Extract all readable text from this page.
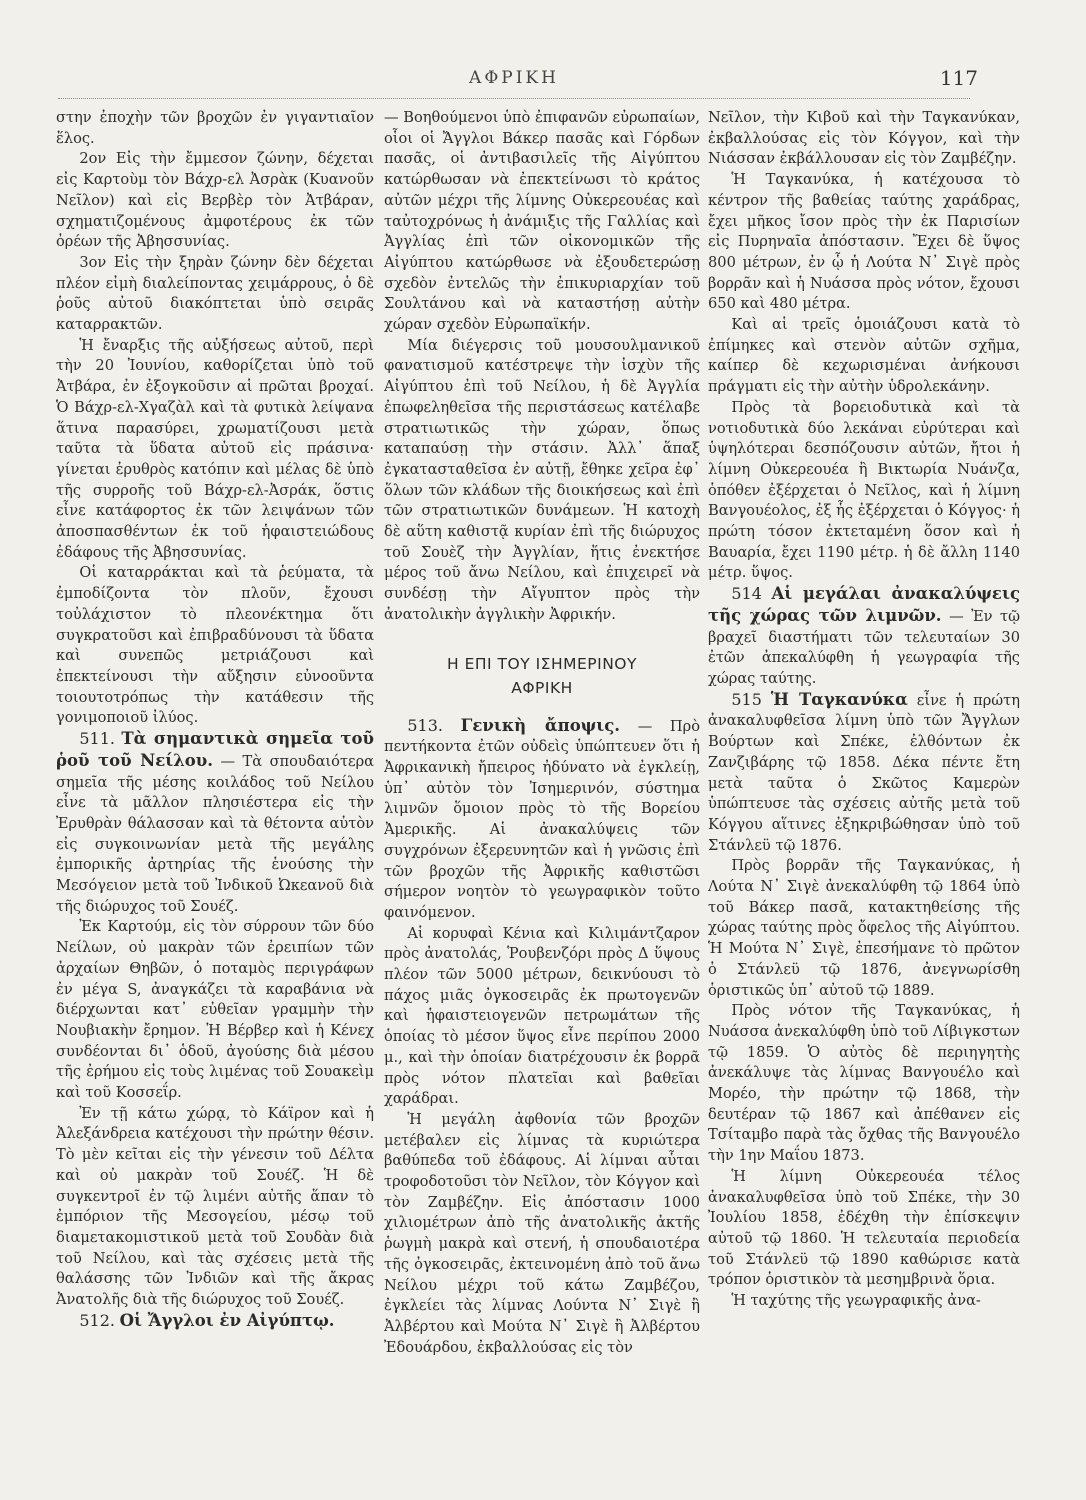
ΑΦΡΙΚΗ	117

στην ἐποχὴν τῶν βροχῶν ἐν γιγαντιαῖον ἕλος.

2ον Εἰς τὴν ἔμμεσον ζώνην, δέχεται εἰς Καρτοὺμ τὸν Βάχρ-ελ Ἀσρὰκ (Κυανοῦν Νεῖλον) καὶ εἰς Βερβὲρ τὸν Ἀτβάραν, σχηματιζομένους ἀμφοτέρους ἐκ τῶν ὀρέων τῆς Ἀβησσυνίας.

3ον Εἰς τὴν ξηρὰν ζώνην δὲν δέχεται πλέον εἰμὴ διαλείποντας χειμάρρους, ὁ δὲ ῥοῦς αὐτοῦ διακόπτεται ὑπὸ σειρᾶς καταρρακτῶν.

Ἡ ἔναρξις τῆς αὐξήσεως αὐτοῦ, περὶ τὴν 20 Ἰουνίου, καθορίζεται ὑπὸ τοῦ Ἀτβάρα, ἐν ἐξογκοῦσιν αἱ πρῶται βροχαί. Ὁ Βάχρ-ελ-Χγαζὰλ καὶ τὰ φυτικὰ λείψανα ἅτινα παρασύρει, χρωματίζουσι μετὰ ταῦτα τὰ ὕδατα αὐτοῦ εἰς πράσινα· γίνεται ἐρυθρὸς κατόπιν καὶ μέλας δὲ ὑπὸ τῆς συρροῆς τοῦ Βάχρ-ελ-Ἀσράκ, ὅστις εἶνε κατάφορτος ἐκ τῶν λειψάνων τῶν ἀποσπασθέντων ἐκ τοῦ ἡφαιστειώδους ἐδάφους τῆς Ἀβησσυνίας.

Οἱ καταρράκται καὶ τὰ ῥεύματα, τὰ ἐμποδίζοντα τὸν πλοῦν, ἔχουσι τοὐλάχιστον τὸ πλεονέκτημα ὅτι συγκρατοῦσι καὶ ἐπιβραδύνουσι τὰ ὕδατα καὶ συνεπῶς μετριάζουσι καὶ ἐπεκτείνουσι τὴν αὔξησιν εὐνοοῦντα τοιουτοτρόπως τὴν κατάθεσιν τῆς γονιμοποιοῦ ἰλύος.

511. Τὰ σημαντικὰ σημεῖα τοῦ ῥοῦ τοῦ Νείλου. — Τὰ σπουδαιότερα σημεῖα τῆς μέσης κοιλάδος τοῦ Νείλου εἶνε τὰ μᾶλλον πλησιέστερα εἰς τὴν Ἐρυθρὰν θάλασσαν καὶ τὰ θέτοντα αὐτὸν εἰς συγκοινωνίαν μετὰ τῆς μεγάλης ἐμπορικῆς ἀρτηρίας τῆς ἑνούσης τὴν Μεσόγειον μετὰ τοῦ Ἰνδικοῦ Ὠκεανοῦ διὰ τῆς διώρυχος τοῦ Σουέζ.

Ἐκ Καρτούμ, εἰς τὸν σύρρουν τῶν δύο Νείλων, οὐ μακρὰν τῶν ἐρειπίων τῶν ἀρχαίων Θηβῶν, ὁ ποταμὸς περιγράφων ἐν μέγα S, ἀναγκάζει τὰ καραβάνια νὰ διέρχωνται κατ᾽ εὐθεῖαν γραμμὴν τὴν Νουβιακὴν ἔρημον. Ἡ Βέρβερ καὶ ἡ Κένεχ συνδέονται δι᾽ ὁδοῦ, ἀγούσης διὰ μέσου τῆς ἐρήμου εἰς τοὺς λιμένας τοῦ Σουακεὶμ καὶ τοῦ Κοσσεΐρ.

Ἐν τῇ κάτω χώρᾳ, τὸ Κάϊρον καὶ ἡ Ἀλεξάνδρεια κατέχουσι τὴν πρώτην θέσιν. Τὸ μὲν κεῖται εἰς τὴν γένεσιν τοῦ Δέλτα καὶ οὐ μακρὰν τοῦ Σουέζ. Ἡ δὲ συγκεντροῖ ἐν τῷ λιμένι αὐτῆς ἅπαν τὸ ἐμπόριον τῆς Μεσογείου, μέσῳ τοῦ διαμετακομιστικοῦ μετὰ τοῦ Σουδὰν διὰ τοῦ Νείλου, καὶ τὰς σχέσεις μετὰ τῆς θαλάσσης τῶν Ἰνδιῶν καὶ τῆς ἄκρας Ἀνατολῆς διὰ τῆς διώρυχος τοῦ Σουέζ.

512. Οἱ Ἄγγλοι ἐν Αἰγύπτῳ.

— Βοηθούμενοι ὑπὸ ἐπιφανῶν εὐρωπαίων, οἷοι οἱ Ἄγγλοι Βάκερ πασᾶς καὶ Γόρδων πασᾶς, οἱ ἀντιβασιλεῖς τῆς Αἰγύπτου κατώρθωσαν νὰ ἐπεκτείνωσι τὸ κράτος αὐτῶν μέχρι τῆς λίμνης Οὐκερεουέας καὶ ταὐτοχρόνως ἡ ἀνάμιξις τῆς Γαλλίας καὶ Ἀγγλίας ἐπὶ τῶν οἰκονομικῶν τῆς Αἰγύπτου κατώρθωσε νὰ ἐξουδετερώσῃ σχεδὸν ἐντελῶς τὴν ἐπικυριαρχίαν τοῦ Σουλτάνου καὶ νὰ καταστήσῃ αὐτὴν χώραν σχεδὸν Εὐρωπαϊκήν.

Μία διέγερσις τοῦ μουσουλμανικοῦ φανατισμοῦ κατέστρεψε τὴν ἰσχὺν τῆς Αἰγύπτου ἐπὶ τοῦ Νείλου, ἡ δὲ Ἀγγλία ἐπωφεληθεῖσα τῆς περιστάσεως κατέλαβε στρατιωτικῶς τὴν χώραν, ὅπως καταπαύσῃ τὴν στάσιν. Ἀλλ᾽ ἅπαξ ἐγκατασταθεῖσα ἐν αὐτῇ, ἔθηκε χεῖρα ἐφ᾽ ὅλων τῶν κλάδων τῆς διοικήσεως καὶ ἐπὶ τῶν στρατιωτικῶν δυνάμεων. Ἡ κατοχὴ δὲ αὕτη καθιστᾷ κυρίαν ἐπὶ τῆς διώρυχος τοῦ Σουὲζ τὴν Ἀγγλίαν, ἥτις ἐνεκτήσε μέρος τοῦ ἄνω Νείλου, καὶ ἐπιχειρεῖ νὰ συνδέσῃ τὴν Αἴγυπτον πρὸς τὴν ἀνατολικὴν ἀγγλικὴν Ἀφρικήν.

Η ΕΠΙ ΤΟΥ ΙΣΗΜΕΡΙΝΟΥ
ΑΦΡΙΚΗ

513. Γενικὴ ἄποψις. — Πρὸ πεντήκοντα ἐτῶν οὐδεὶς ὑπώπτευεν ὅτι ἡ Ἀφρικανικὴ ἤπειρος ἠδύνατο νὰ ἐγκλείῃ, ὑπ᾽ αὐτὸν τὸν Ἰσημερινόν, σύστημα λιμνῶν ὅμοιον πρὸς τὸ τῆς Βορείου Ἀμερικῆς. Αἱ ἀνακαλύψεις τῶν συγχρόνων ἐξερευνητῶν καὶ ἡ γνῶσις ἐπὶ τῶν βροχῶν τῆς Ἀφρικῆς καθιστῶσι σήμερον νοητὸν τὸ γεωγραφικὸν τοῦτο φαινόμενον.

Αἱ κορυφαὶ Κένια καὶ Κιλιμάντζαρον πρὸς ἀνατολάς, Ῥουβενζόρι πρὸς Δ ὕψους πλέον τῶν 5000 μέτρων, δεικνύουσι τὸ πάχος μιᾶς ὀγκοσειρᾶς ἐκ πρωτογενῶν καὶ ἡφαιστειογενῶν πετρωμάτων τῆς ὁποίας τὸ μέσον ὕψος εἶνε περίπου 2000 μ., καὶ τὴν ὁποίαν διατρέχουσιν ἐκ βορρᾶ πρὸς νότον πλατεῖαι καὶ βαθεῖαι χαράδραι.

Ἡ μεγάλη ἀφθονία τῶν βροχῶν μετέβαλεν εἰς λίμνας τὰ κυριώτερα βαθύπεδα τοῦ ἐδάφους. Αἱ λίμναι αὗται τροφοδοτοῦσι τὸν Νεῖλον, τὸν Κόγγον καὶ τὸν Ζαμβέζην. Εἰς ἀπόστασιν 1000 χιλιομέτρων ἀπὸ τῆς ἀνατολικῆς ἀκτῆς ῥωγμὴ μακρὰ καὶ στενή, ἡ σπουδαιοτέρα τῆς ὀγκοσειρᾶς, ἐκτεινομένη ἀπὸ τοῦ ἄνω Νείλου μέχρι τοῦ κάτω Ζαμβέζου, ἐγκλείει τὰς λίμνας Λούντα Ν᾽ Σιγὲ ἢ Ἀλβέρτου καὶ Μούτα Ν᾽ Σιγὲ ἢ Ἀλβέρτου Ἐδουάρδου, ἐκβαλλούσας εἰς τὸν

Νεῖλον, τὴν Κιβοῦ καὶ τὴν Ταγκανύκαν, ἐκβαλλούσας εἰς τὸν Κόγγον, καὶ τὴν Νιάσσαν ἐκβάλλουσαν εἰς τὸν Ζαμβέζην.

Ἡ Ταγκανύκα, ἡ κατέχουσα τὸ κέντρον τῆς βαθείας ταύτης χαράδρας, ἔχει μῆκος ἴσον πρὸς τὴν ἐκ Παρισίων εἰς Πυρηναῖα ἀπόστασιν. Ἔχει δὲ ὕψος 800 μέτρων, ἐν ᾧ ἡ Λούτα Ν᾽ Σιγὲ πρὸς βορρᾶν καὶ ἡ Νυάσσα πρὸς νότον, ἔχουσι 650 καὶ 480 μέτρα.

Καὶ αἱ τρεῖς ὁμοιάζουσι κατὰ τὸ ἐπίμηκες καὶ στενὸν αὐτῶν σχῆμα, καίπερ δὲ κεχωρισμέναι ἀνήκουσι πράγματι εἰς τὴν αὐτὴν ὑδρολεκάνην.

Πρὸς τὰ βορειοδυτικὰ καὶ τὰ νοτιοδυτικὰ δύο λεκάναι εὐρύτεραι καὶ ὑψηλότεραι δεσπόζουσιν αὐτῶν, ἤτοι ἡ λίμνη Οὐκερεουέα ἢ Βικτωρία Νυάνζα, ὁπόθεν ἐξέρχεται ὁ Νεῖλος, καὶ ἡ λίμνη Βανγουέολος, ἐξ ἧς ἐξέρχεται ὁ Κόγγος· ἡ πρώτη τόσον ἐκτεταμένη ὅσον καὶ ἡ Βαυαρία, ἔχει 1190 μέτρ. ἡ δὲ ἄλλη 1140 μέτρ. ὕψος.

514 Αἱ μεγάλαι ἀνακαλύψεις τῆς χώρας τῶν λιμνῶν. — Ἐν τῷ βραχεῖ διαστήματι τῶν τελευταίων 30 ἐτῶν ἀπεκαλύφθη ἡ γεωγραφία τῆς χώρας ταύτης.

515 Ἡ Ταγκανύκα εἶνε ἡ πρώτη ἀνακαλυφθεῖσα λίμνη ὑπὸ τῶν Ἄγγλων Βούρτων καὶ Σπέκε, ἐλθόντων ἐκ Ζανζιβάρης τῷ 1858. Δέκα πέντε ἔτη μετὰ ταῦτα ὁ Σκῶτος Καμερὼν ὑπώπτευσε τὰς σχέσεις αὐτῆς μετὰ τοῦ Κόγγου αἵτινες ἐξηκριβώθησαν ὑπὸ τοῦ Στάνλεϋ τῷ 1876.

Πρὸς βορρᾶν τῆς Ταγκανύκας, ἡ Λούτα Ν᾽ Σιγὲ ἀνεκαλύφθη τῷ 1864 ὑπὸ τοῦ Βάκερ πασᾶ, κατακτηθείσης τῆς χώρας ταύτης πρὸς ὄφελος τῆς Αἰγύπτου. Ἡ Μούτα Ν᾽ Σιγὲ, ἐπεσήμανε τὸ πρῶτον ὁ Στάνλεϋ τῷ 1876, ἀνεγνωρίσθη ὁριστικῶς ὑπ᾽ αὐτοῦ τῷ 1889.

Πρὸς νότον τῆς Ταγκανύκας, ἡ Νυάσσα ἀνεκαλύφθη ὑπὸ τοῦ Λίβιγκστων τῷ 1859. Ὁ αὐτὸς δὲ περιηγητὴς ἀνεκάλυψε τὰς λίμνας Βανγουέλο καὶ Μορέο, τὴν πρώτην τῷ 1868, τὴν δευτέραν τῷ 1867 καὶ ἀπέθανεν εἰς Τσίταμβο παρὰ τὰς ὄχθας τῆς Βανγουέλο τὴν 1ην Μαΐου 1873.

Ἡ λίμνη Οὐκερεουέα τέλος ἀνακαλυφθεῖσα ὑπὸ τοῦ Σπέκε, τὴν 30 Ἰουλίου 1858, ἐδέχθη τὴν ἐπίσκεψιν αὐτοῦ τῷ 1860. Ἡ τελευταία περιοδεία τοῦ Στάνλεϋ τῷ 1890 καθώρισε κατὰ τρόπον ὁριστικὸν τὰ μεσημβρινὰ ὅρια.

Ἡ ταχύτης τῆς γεωγραφικῆς ἀνα-
